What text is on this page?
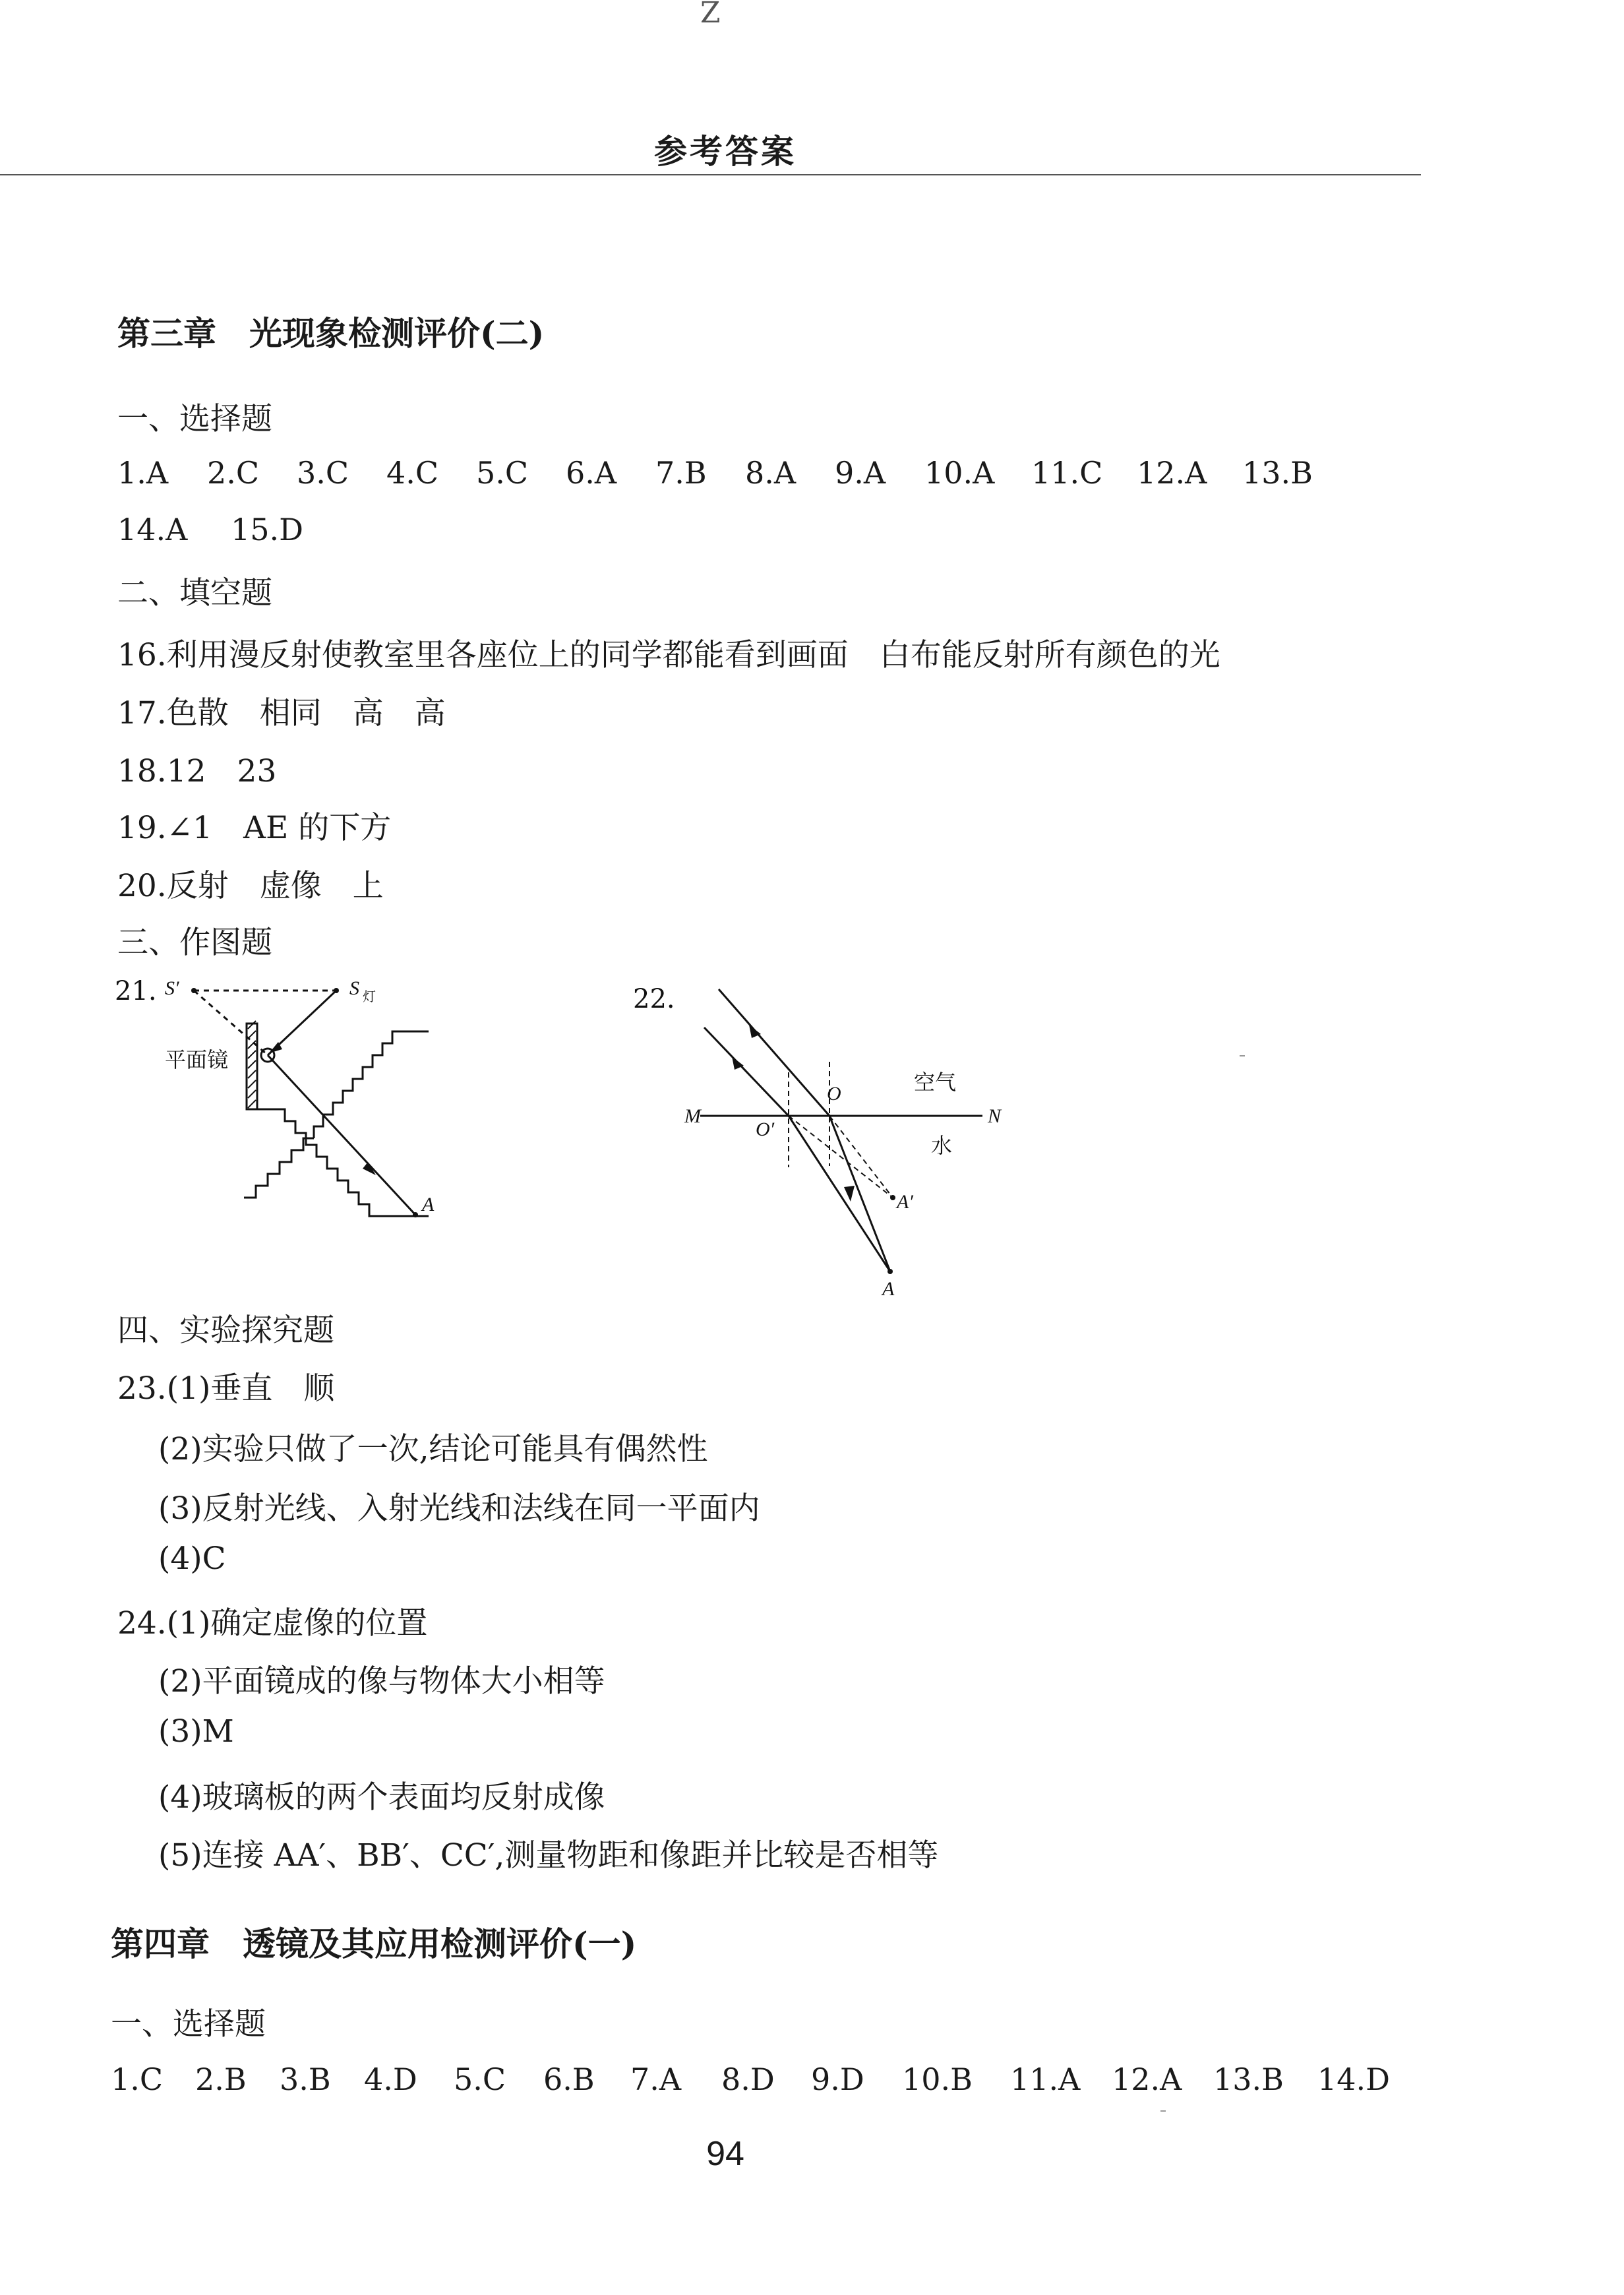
Z
参考答案
第三章　光现象检测评价(二)
一、选择题
1.A 2.C 3.C 4.C 5.C 6.A 7.B 8.A 9.A 10.A 11.C 12.A 13.B
14.A 15.D
二、填空题
16.利用漫反射使教室里各座位上的同学都能看到画面　白布能反射所有颜色的光
17.色散　相同　高　高
18.12　23
19.∠1　AE 的下方
20.反射　虚像　上
三、作图题
21. S′	S 灯
平面镜
A
22.
M	N
空气
水
O
O′
A′
A
四、实验探究题
23.(1)垂直　顺
(2)实验只做了一次,结论可能具有偶然性
(3)反射光线、入射光线和法线在同一平面内
(4)C
24.(1)确定虚像的位置
(2)平面镜成的像与物体大小相等
(3)M
(4)玻璃板的两个表面均反射成像
(5)连接 AA′、BB′、CC′,测量物距和像距并比较是否相等
第四章　透镜及其应用检测评价(一)
一、选择题
1.C 2.B 3.B 4.D 5.C 6.B 7.A 8.D 9.D 10.B 11.A 12.A 13.B 14.D
94
